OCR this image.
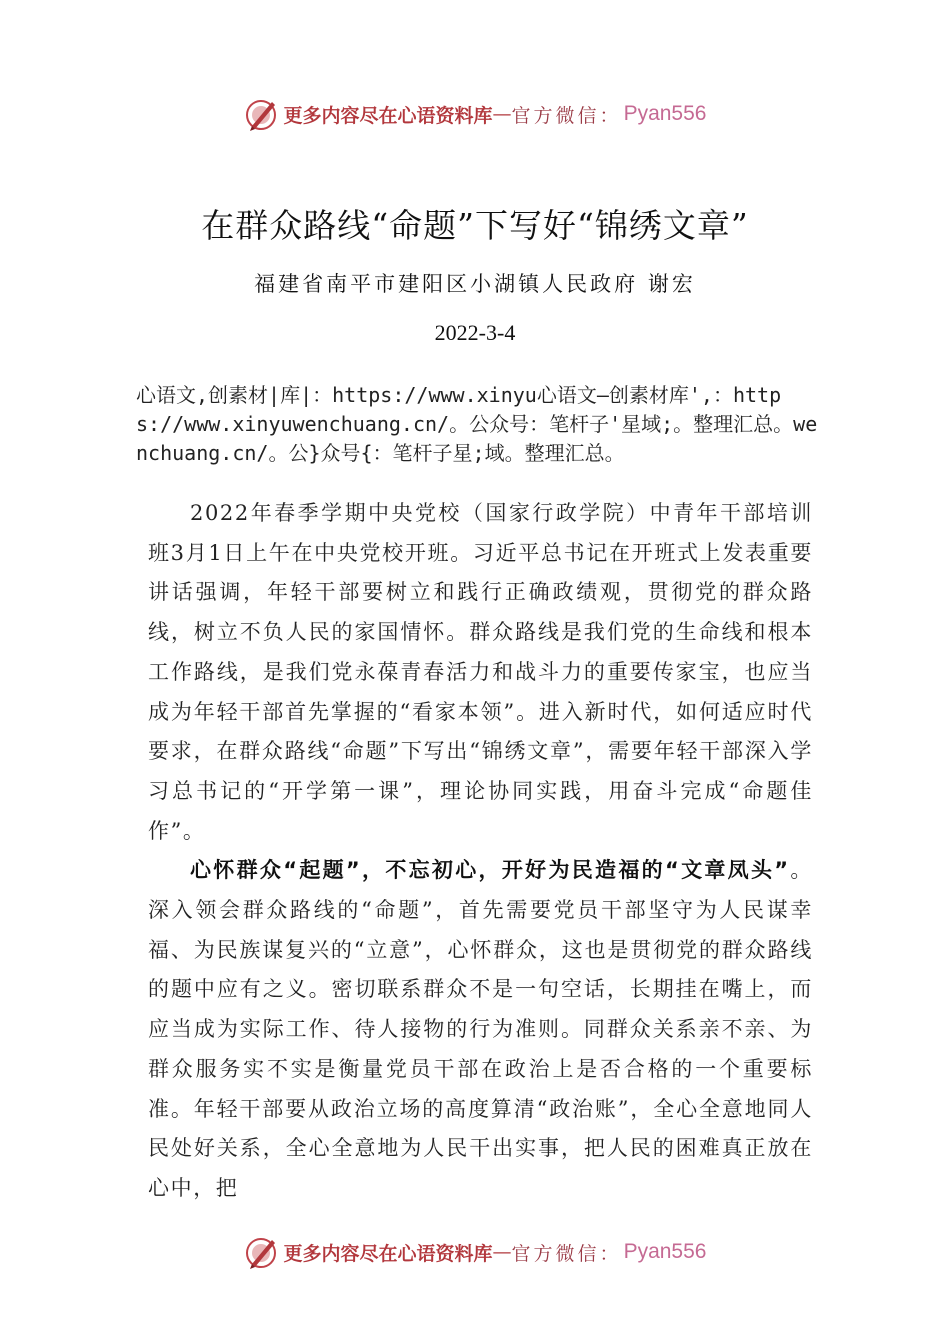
更多内容尽在心语资料库 — 官方微信： Pyan556
在群众路线“命题”下写好“锦绣文章”
福建省南平市建阳区小湖镇人民政府 谢宏
2022-3-4
心语文,创素材|库|：https://www.xinyu心语文—创素材库',：https://www.xinyuwenchuang.cn/。公众号：笔杆子'星域;。整理汇总。wenchuang.cn/。公}众号{：笔杆子星;域。整理汇总。

2022年春季学期中央党校（国家行政学院）中青年干部培训班3月1日上午在中央党校开班。习近平总书记在开班式上发表重要讲话强调，年轻干部要树立和践行正确政绩观，贯彻党的群众路线，树立不负人民的家国情怀。群众路线是我们党的生命线和根本工作路线，是我们党永葆青春活力和战斗力的重要传家宝，也应当成为年轻干部首先掌握的“看家本领”。进入新时代，如何适应时代要求，在群众路线“命题”下写出“锦绣文章”，需要年轻干部深入学习总书记的“开学第一课”，理论协同实践，用奋斗完成“命题佳作”。

心怀群众“起题”，不忘初心，开好为民造福的“文章凤头”。深入领会群众路线的“命题”，首先需要党员干部坚守为人民谋幸福、为民族谋复兴的“立意”，心怀群众，这也是贯彻党的群众路线的题中应有之义。密切联系群众不是一句空话，长期挂在嘴上，而应当成为实际工作、待人接物的行为准则。同群众关系亲不亲、为群众服务实不实是衡量党员干部在政治上是否合格的一个重要标准。年轻干部要从政治立场的高度算清“政治账”，全心全意地同人民处好关系，全心全意地为人民干出实事，把人民的困难真正放在心中，把

更多内容尽在心语资料库 — 官方微信： Pyan556
